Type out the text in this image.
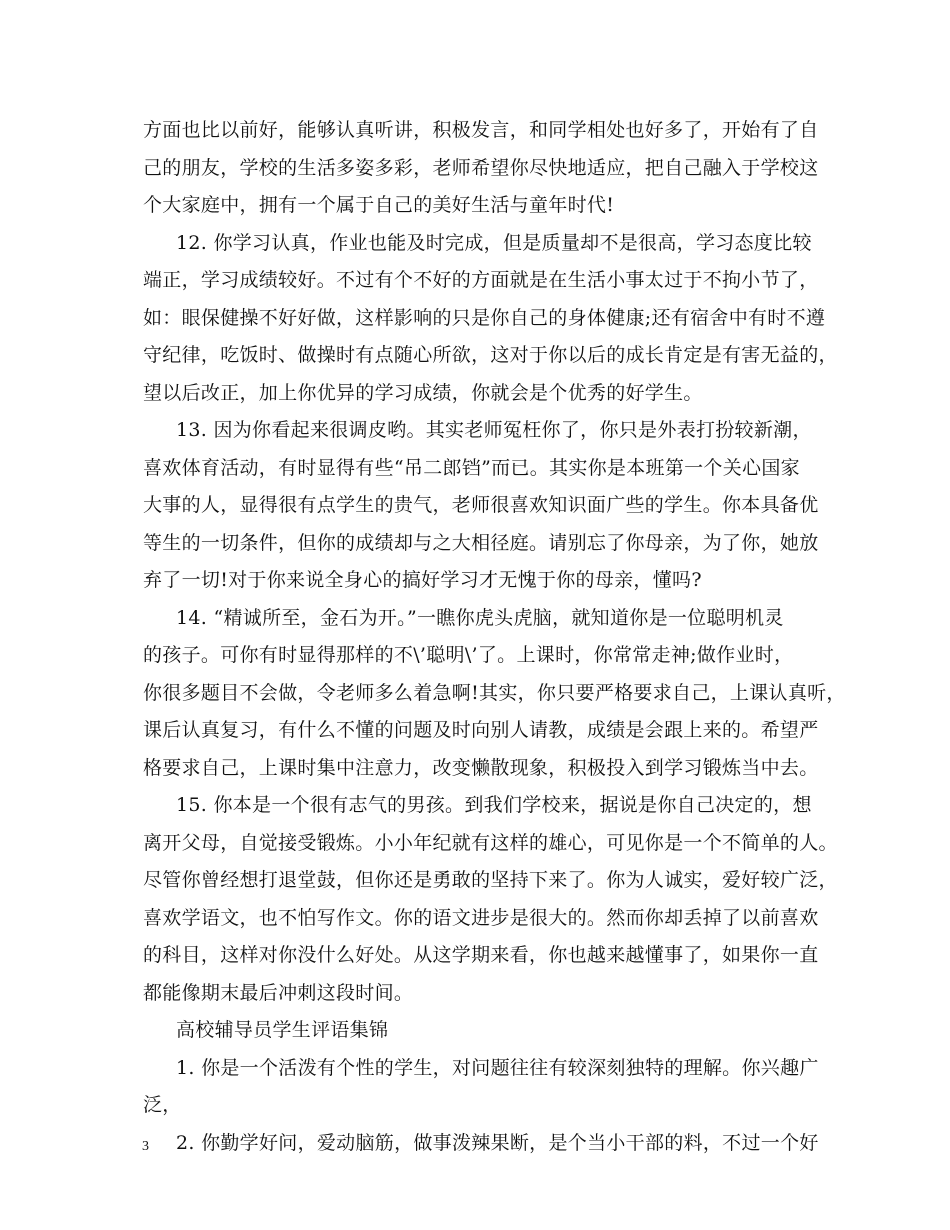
方面也比以前好，能够认真听讲，积极发言，和同学相处也好多了，开始有了自
己的朋友，学校的生活多姿多彩，老师希望你尽快地适应，把自己融入于学校这
个大家庭中，拥有一个属于自己的美好生活与童年时代!
12. 你学习认真，作业也能及时完成，但是质量却不是很高，学习态度比较
端正，学习成绩较好。不过有个不好的方面就是在生活小事太过于不拘小节了，
如：眼保健操不好好做，这样影响的只是你自己的身体健康;还有宿舍中有时不遵
守纪律，吃饭时、做操时有点随心所欲，这对于你以后的成长肯定是有害无益的，
望以后改正，加上你优异的学习成绩，你就会是个优秀的好学生。
13. 因为你看起来很调皮哟。其实老师冤枉你了，你只是外表打扮较新潮，
喜欢体育活动，有时显得有些“吊二郎铛”而已。其实你是本班第一个关心国家
大事的人，显得很有点学生的贵气，老师很喜欢知识面广些的学生。你本具备优
等生的一切条件，但你的成绩却与之大相径庭。请别忘了你母亲，为了你，她放
弃了一切!对于你来说全身心的搞好学习才无愧于你的母亲，懂吗?
14. “精诚所至，金石为开。”一瞧你虎头虎脑，就知道你是一位聪明机灵
的孩子。可你有时显得那样的不\’聪明\’了。上课时，你常常走神;做作业时，
你很多题目不会做，令老师多么着急啊!其实，你只要严格要求自己，上课认真听，
课后认真复习，有什么不懂的问题及时向别人请教，成绩是会跟上来的。希望严
格要求自己，上课时集中注意力，改变懒散现象，积极投入到学习锻炼当中去。
15. 你本是一个很有志气的男孩。到我们学校来，据说是你自己决定的，想
离开父母，自觉接受锻炼。小小年纪就有这样的雄心，可见你是一个不简单的人。
尽管你曾经想打退堂鼓，但你还是勇敢的坚持下来了。你为人诚实，爱好较广泛，
喜欢学语文，也不怕写作文。你的语文进步是很大的。然而你却丢掉了以前喜欢
的科目，这样对你没什么好处。从这学期来看，你也越来越懂事了，如果你一直
都能像期末最后冲刺这段时间。
高校辅导员学生评语集锦
1. 你是一个活泼有个性的学生，对问题往往有较深刻独特的理解。你兴趣广
泛，
2. 你勤学好问，爱动脑筋，做事泼辣果断，是个当小干部的料，不过一个好
3
